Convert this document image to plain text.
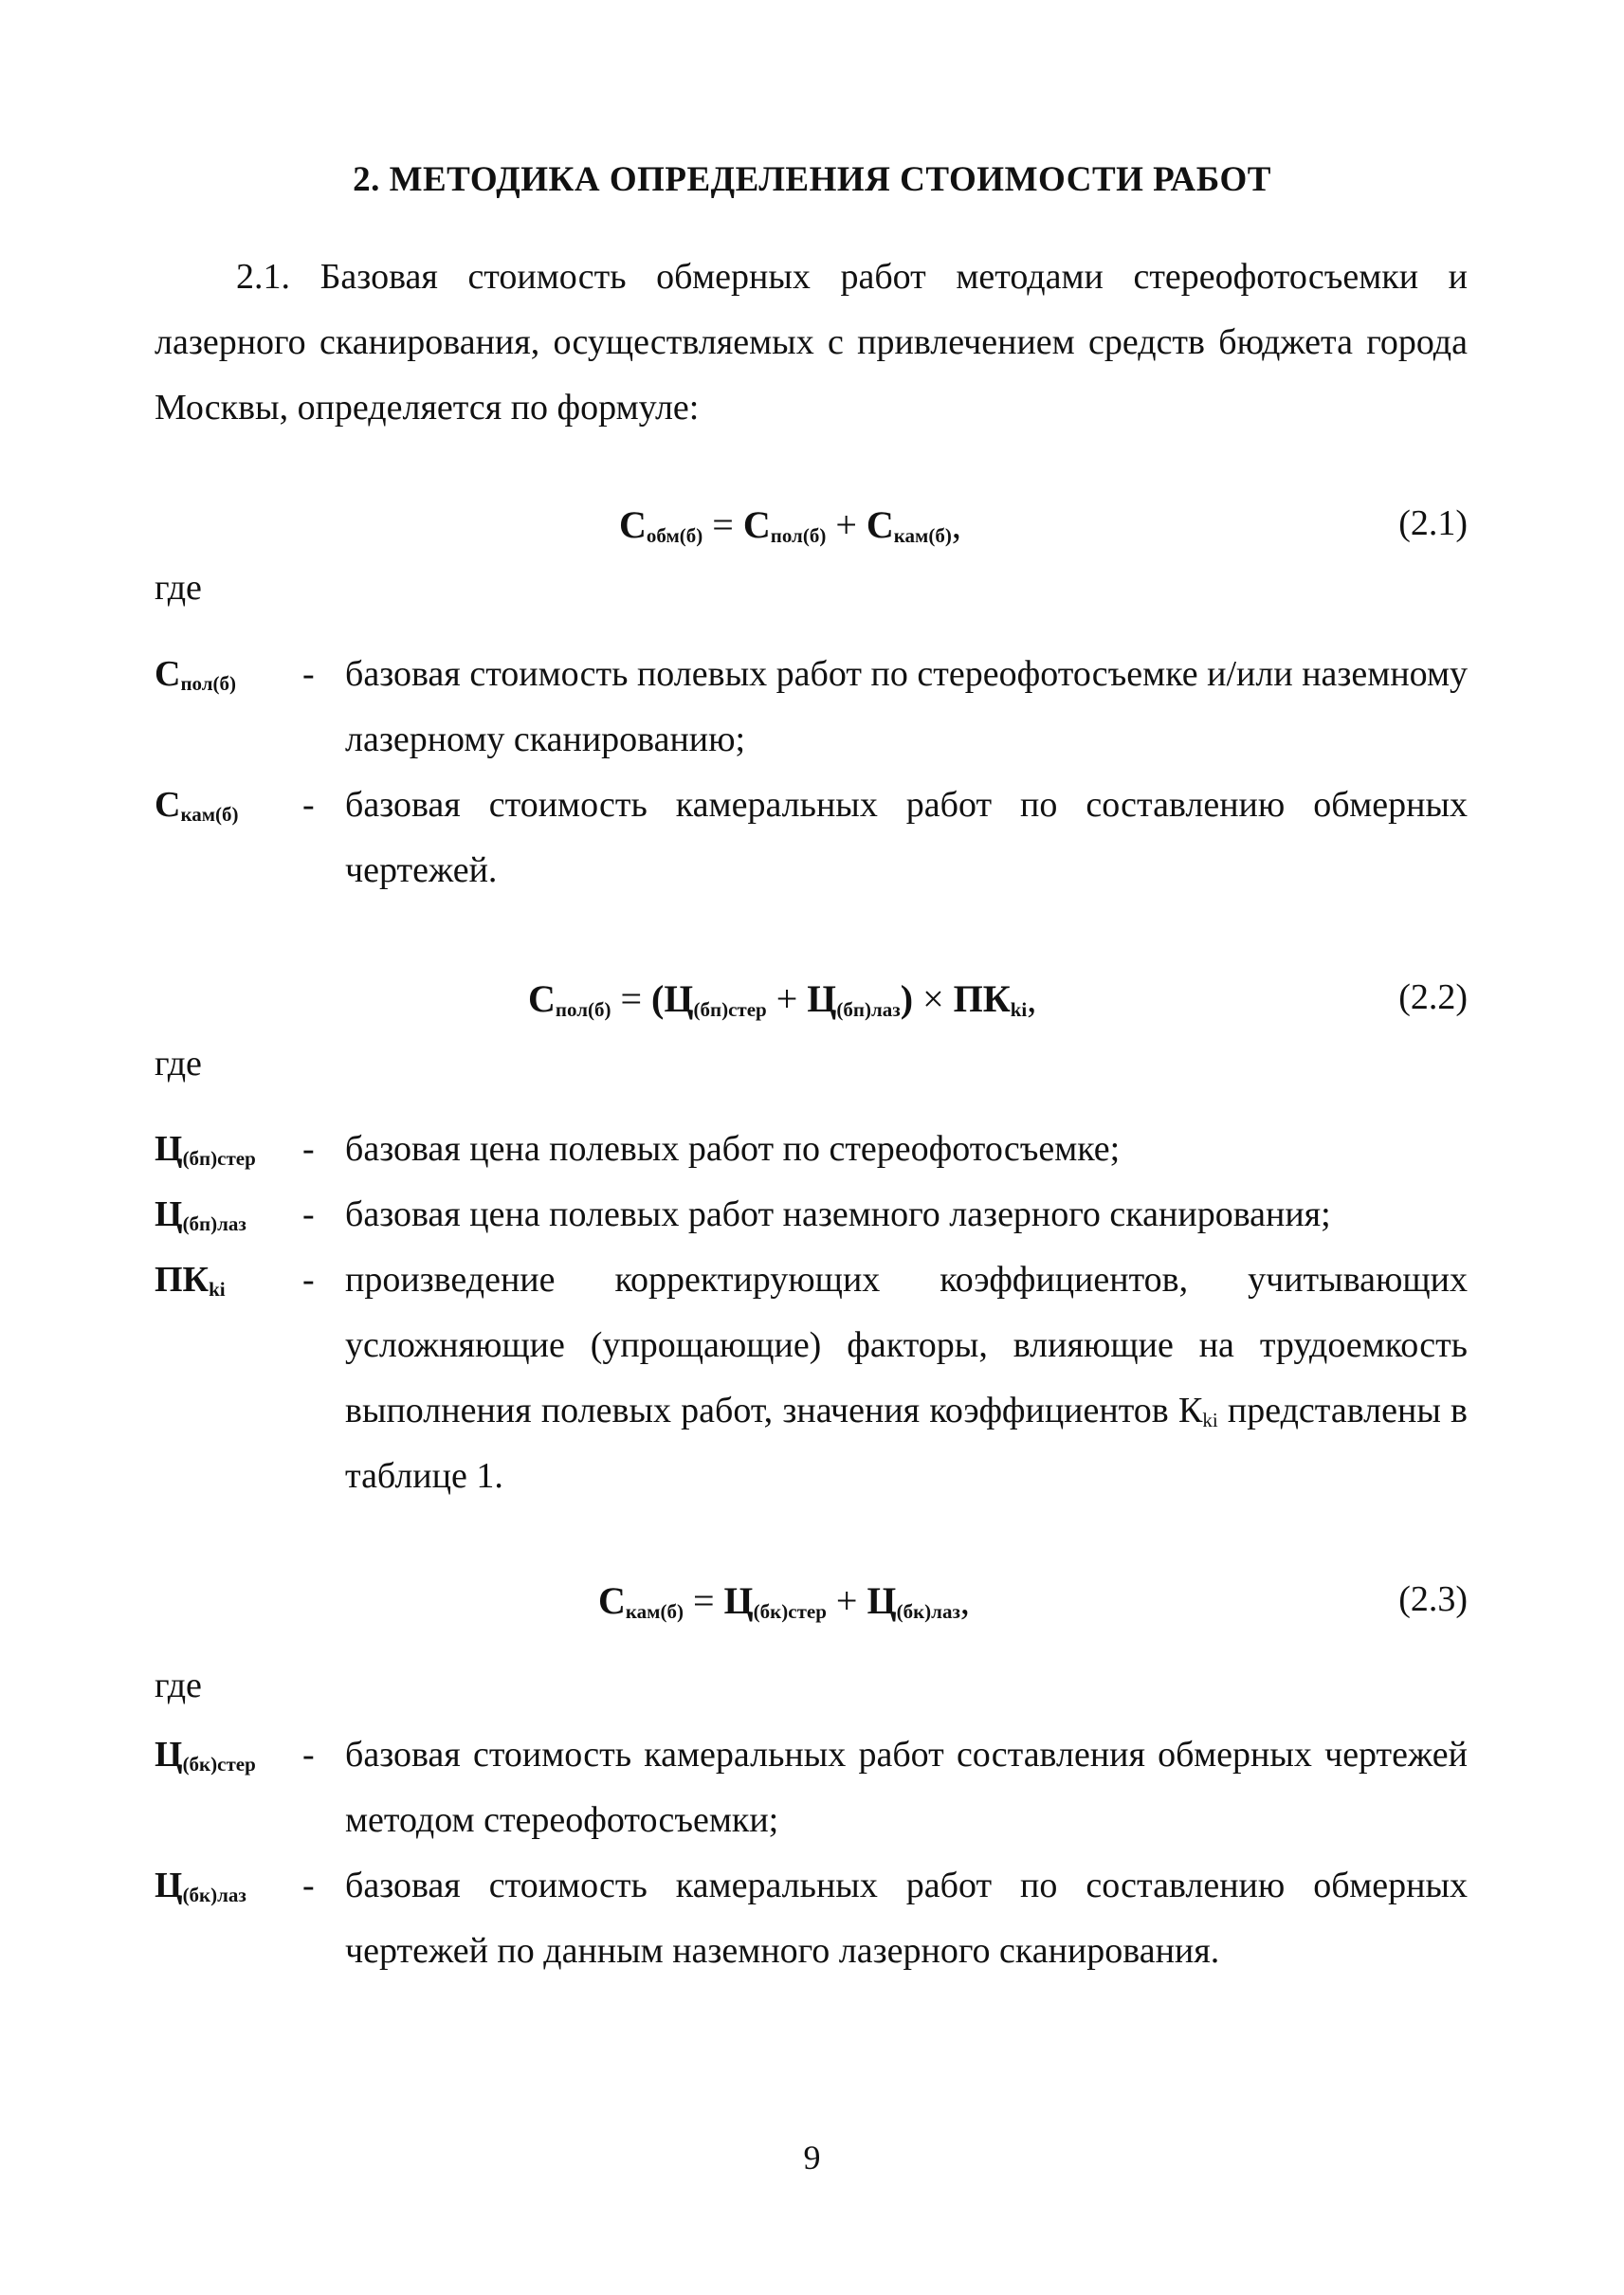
2. МЕТОДИКА ОПРЕДЕЛЕНИЯ СТОИМОСТИ РАБОТ

2.1. Базовая стоимость обмерных работ методами стереофотосъемки и лазерного сканирования, осуществляемых с привлечением средств бюджета города Москвы, определяется по формуле:

$С_{обм(б)} = С_{пол(б)} + С_{кам(б)}$,	(2.1)
где
$С_{пол(б)}$ - базовая стоимость полевых работ по стереофотосъемке и/или наземному лазерному сканированию;
$С_{кам(б)}$ - базовая стоимость камеральных работ по составлению обмерных чертежей.
$С_{пол(б)} = (Ц_{(бп)стер} + Ц_{(бп)лаз}) \times ПК_{ki}$,	(2.2)
где
$Ц_{(бп)стер}$ - базовая цена полевых работ по стереофотосъемке;
$Ц_{(бп)лаз}$ - базовая цена полевых работ наземного лазерного сканирования;
$ПК_{ki}$ - произведение корректирующих коэффициентов, учитывающих усложняющие (упрощающие) факторы, влияющие на трудоемкость выполнения полевых работ, значения коэффициентов $К_{ki}$ представлены в таблице 1.
$С_{кам(б)} = Ц_{(бк)стер} + Ц_{(бк)лаз}$,	(2.3)
где
$Ц_{(бк)стер}$ - базовая стоимость камеральных работ составления обмерных чертежей методом стереофотосъемки;
$Ц_{(бк)лаз}$ - базовая стоимость камеральных работ по составлению обмерных чертежей по данным наземного лазерного сканирования.
9
